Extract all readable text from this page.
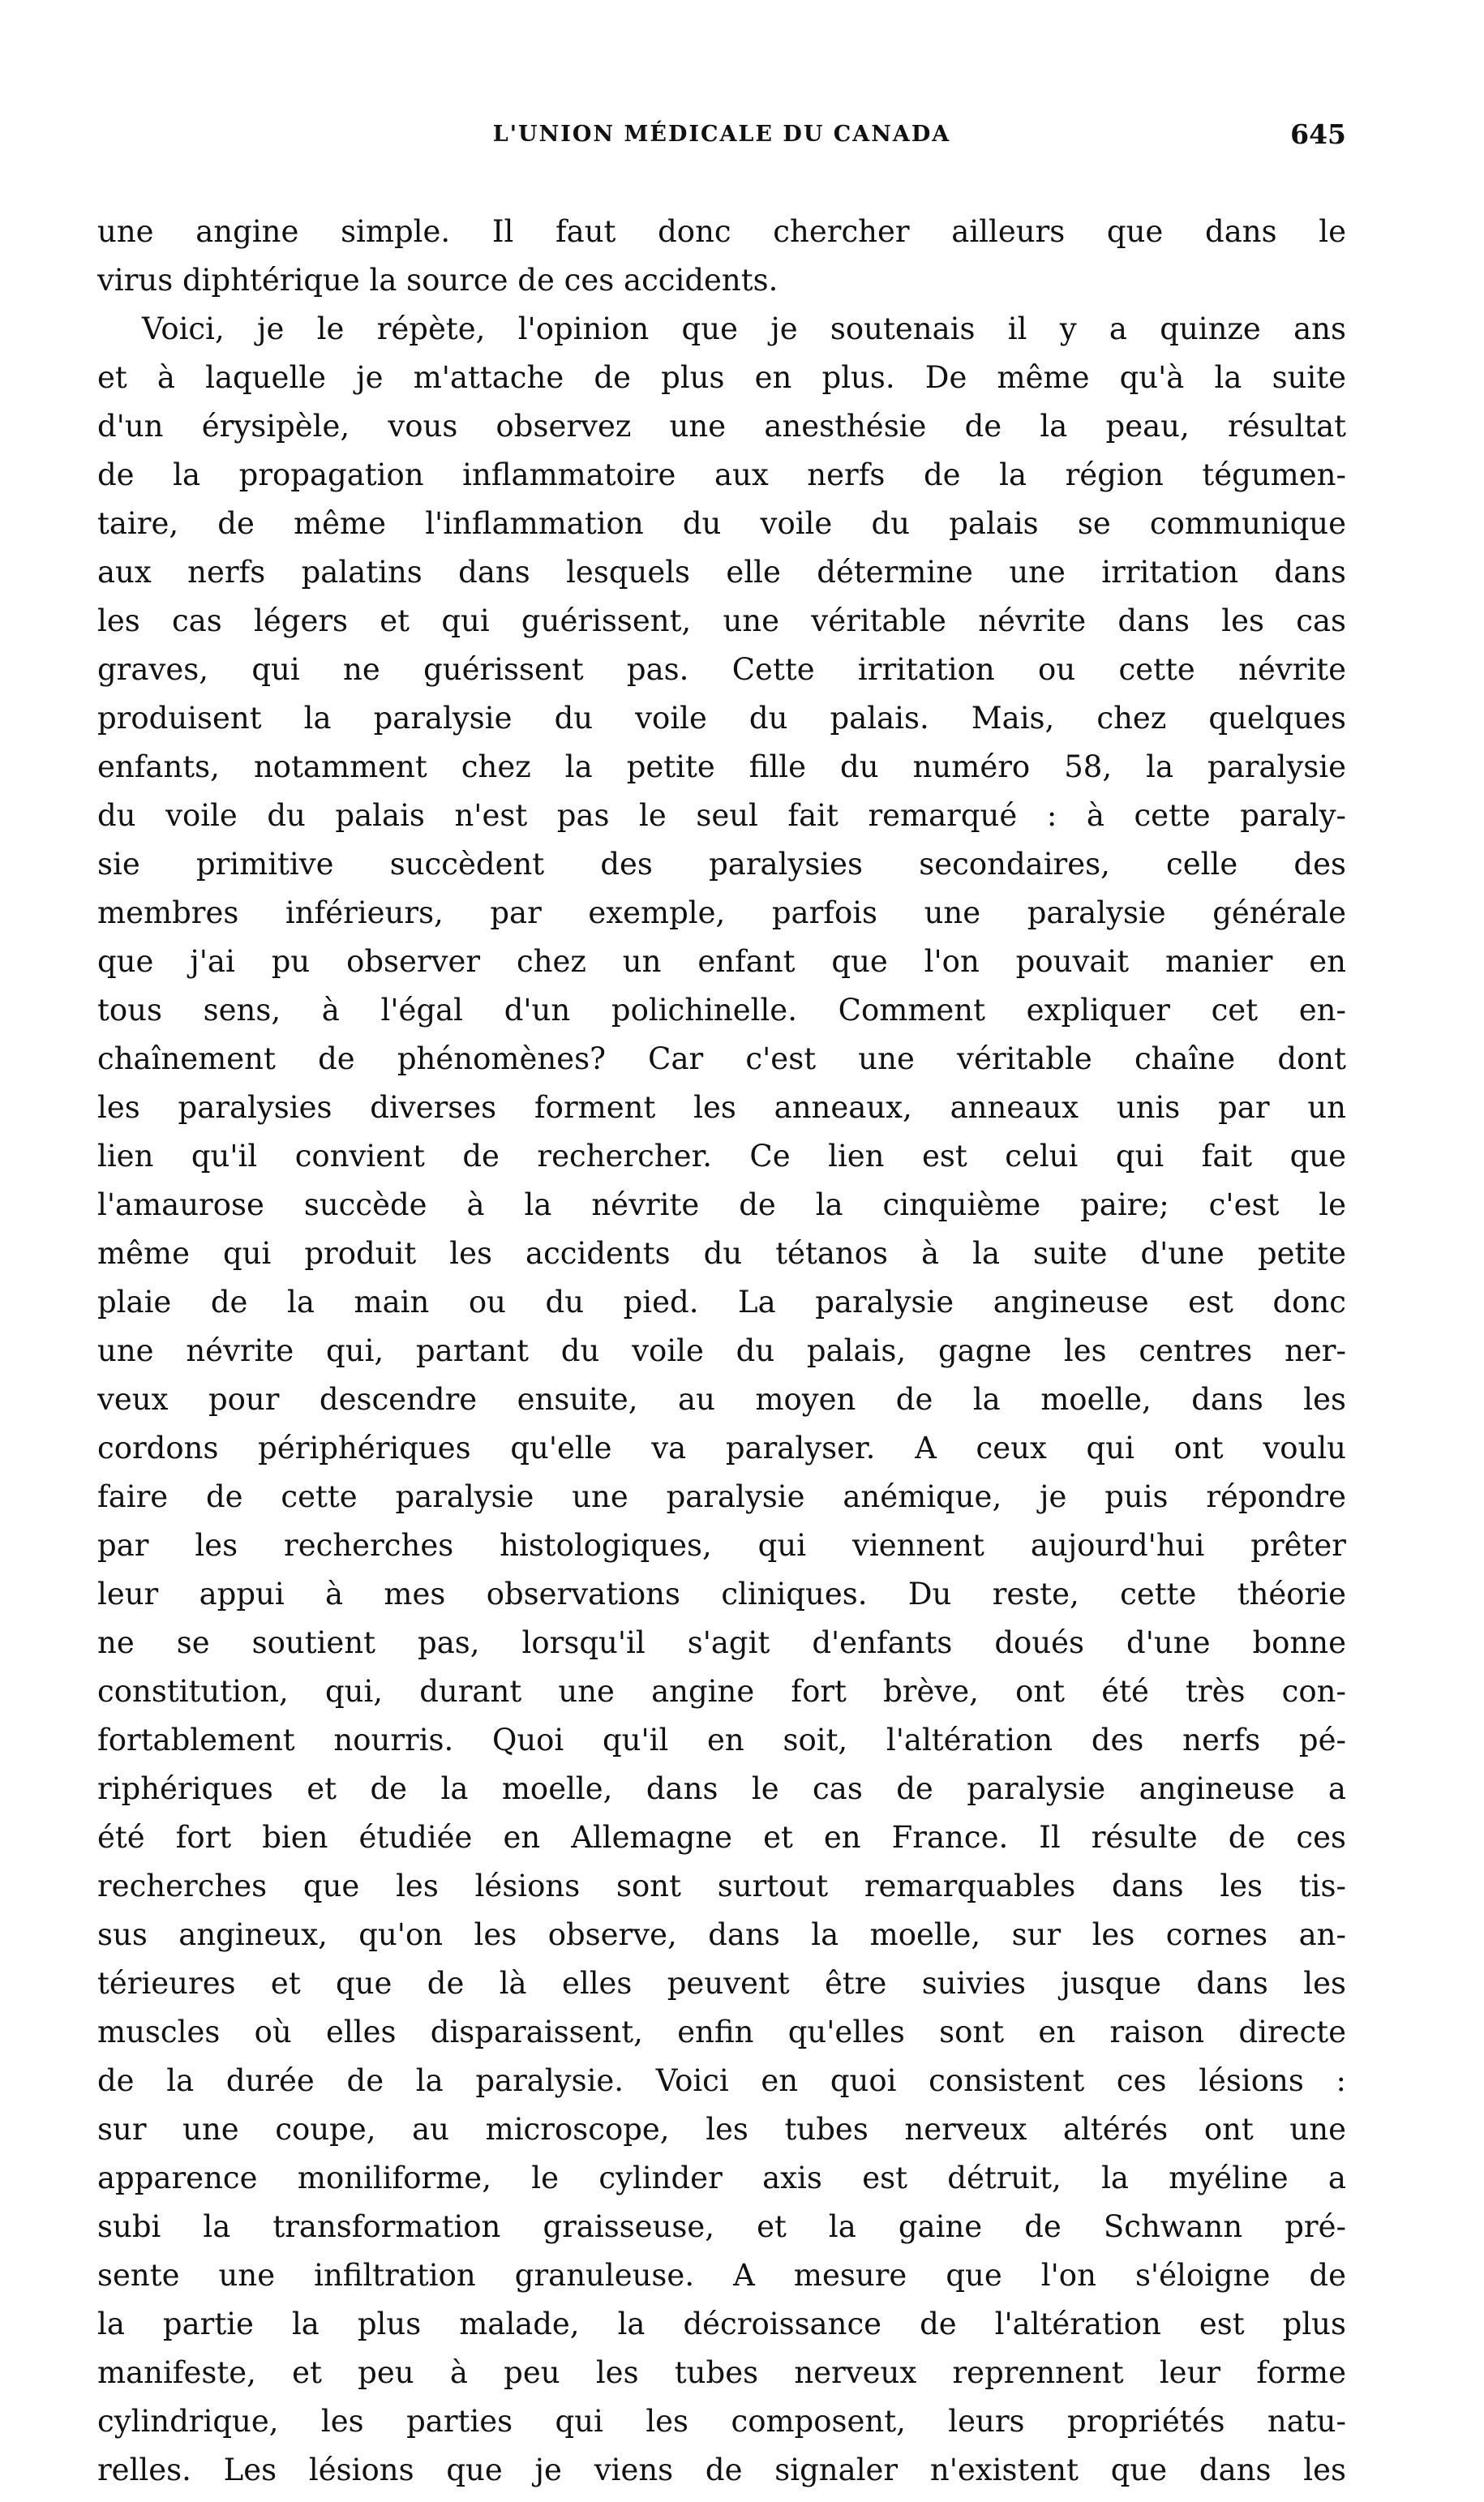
L'UNION MÉDICALE DU CANADA	645
une angine simple. Il faut donc chercher ailleurs que dans le
virus diphtérique la source de ces accidents.
Voici, je le répète, l'opinion que je soutenais il y a quinze ans
et à laquelle je m'attache de plus en plus. De même qu'à la suite
d'un érysipèle, vous observez une anesthésie de la peau, résultat
de la propagation inflammatoire aux nerfs de la région tégumen-
taire, de même l'inflammation du voile du palais se communique
aux nerfs palatins dans lesquels elle détermine une irritation dans
les cas légers et qui guérissent, une véritable névrite dans les cas
graves, qui ne guérissent pas. Cette irritation ou cette névrite
produisent la paralysie du voile du palais. Mais, chez quelques
enfants, notamment chez la petite fille du numéro 58, la paralysie
du voile du palais n'est pas le seul fait remarqué : à cette paraly-
sie primitive succèdent des paralysies secondaires, celle des
membres inférieurs, par exemple, parfois une paralysie générale
que j'ai pu observer chez un enfant que l'on pouvait manier en
tous sens, à l'égal d'un polichinelle. Comment expliquer cet en-
chaînement de phénomènes? Car c'est une véritable chaîne dont
les paralysies diverses forment les anneaux, anneaux unis par un
lien qu'il convient de rechercher. Ce lien est celui qui fait que
l'amaurose succède à la névrite de la cinquième paire; c'est le
même qui produit les accidents du tétanos à la suite d'une petite
plaie de la main ou du pied. La paralysie angineuse est donc
une névrite qui, partant du voile du palais, gagne les centres ner-
veux pour descendre ensuite, au moyen de la moelle, dans les
cordons périphériques qu'elle va paralyser. A ceux qui ont voulu
faire de cette paralysie une paralysie anémique, je puis répondre
par les recherches histologiques, qui viennent aujourd'hui prêter
leur appui à mes observations cliniques. Du reste, cette théorie
ne se soutient pas, lorsqu'il s'agit d'enfants doués d'une bonne
constitution, qui, durant une angine fort brève, ont été très con-
fortablement nourris. Quoi qu'il en soit, l'altération des nerfs pé-
riphériques et de la moelle, dans le cas de paralysie angineuse a
été fort bien étudiée en Allemagne et en France. Il résulte de ces
recherches que les lésions sont surtout remarquables dans les tis-
sus angineux, qu'on les observe, dans la moelle, sur les cornes an-
térieures et que de là elles peuvent être suivies jusque dans les
muscles où elles disparaissent, enfin qu'elles sont en raison directe
de la durée de la paralysie. Voici en quoi consistent ces lésions :
sur une coupe, au microscope, les tubes nerveux altérés ont une
apparence moniliforme, le cylinder axis est détruit, la myéline a
subi la transformation graisseuse, et la gaine de Schwann pré-
sente une infiltration granuleuse. A mesure que l'on s'éloigne de
la partie la plus malade, la décroissance de l'altération est plus
manifeste, et peu à peu les tubes nerveux reprennent leur forme
cylindrique, les parties qui les composent, leurs propriétés natu-
relles. Les lésions que je viens de signaler n'existent que dans les
